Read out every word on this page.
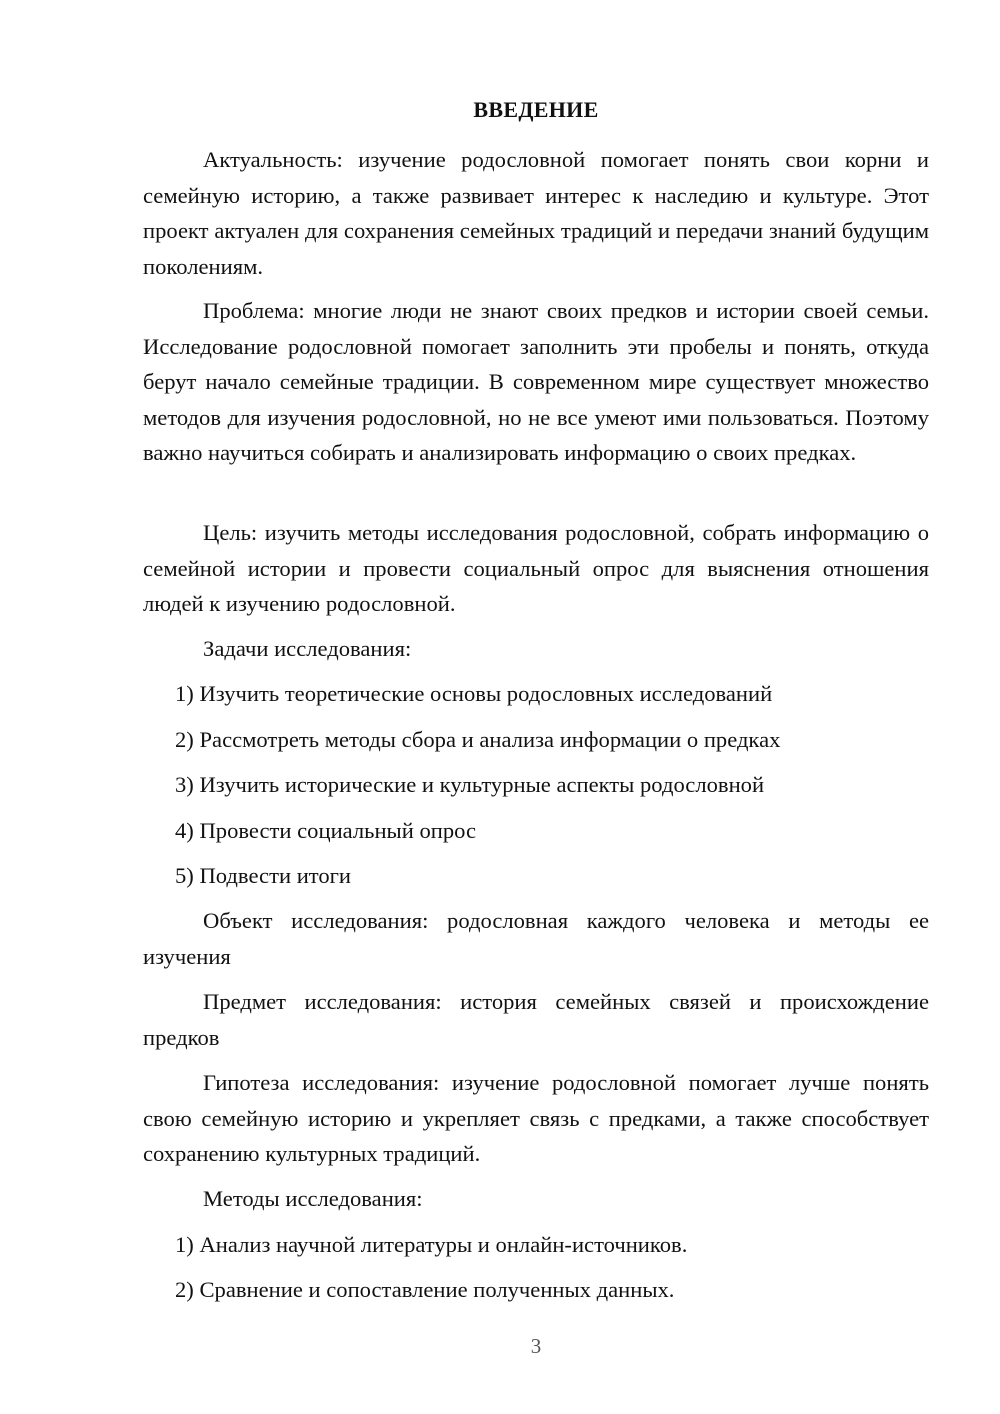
ВВЕДЕНИЕ
Актуальность: изучение родословной помогает понять свои корни и семейную историю, а также развивает интерес к наследию и культуре. Этот проект актуален для сохранения семейных традиций и передачи знаний будущим поколениям.
Проблема: многие люди не знают своих предков и истории своей семьи. Исследование родословной помогает заполнить эти пробелы и понять, откуда берут начало семейные традиции. В современном мире существует множество методов для изучения родословной, но не все умеют ими пользоваться. Поэтому важно научиться собирать и анализировать информацию о своих предках.
Цель: изучить методы исследования родословной, собрать информацию о семейной истории и провести социальный опрос для выяснения отношения людей к изучению родословной.
Задачи исследования:
1) Изучить теоретические основы родословных исследований
2) Рассмотреть методы сбора и анализа информации о предках
3) Изучить исторические и культурные аспекты родословной
4) Провести социальный опрос
5) Подвести итоги
Объект исследования: родословная каждого человека и методы ее изучения
Предмет исследования: история семейных связей и происхождение предков
Гипотеза исследования: изучение родословной помогает лучше понять свою семейную историю и укрепляет связь с предками, а также способствует сохранению культурных традиций.
Методы исследования:
1) Анализ научной литературы и онлайн-источников.
2) Сравнение и сопоставление полученных данных.
3
